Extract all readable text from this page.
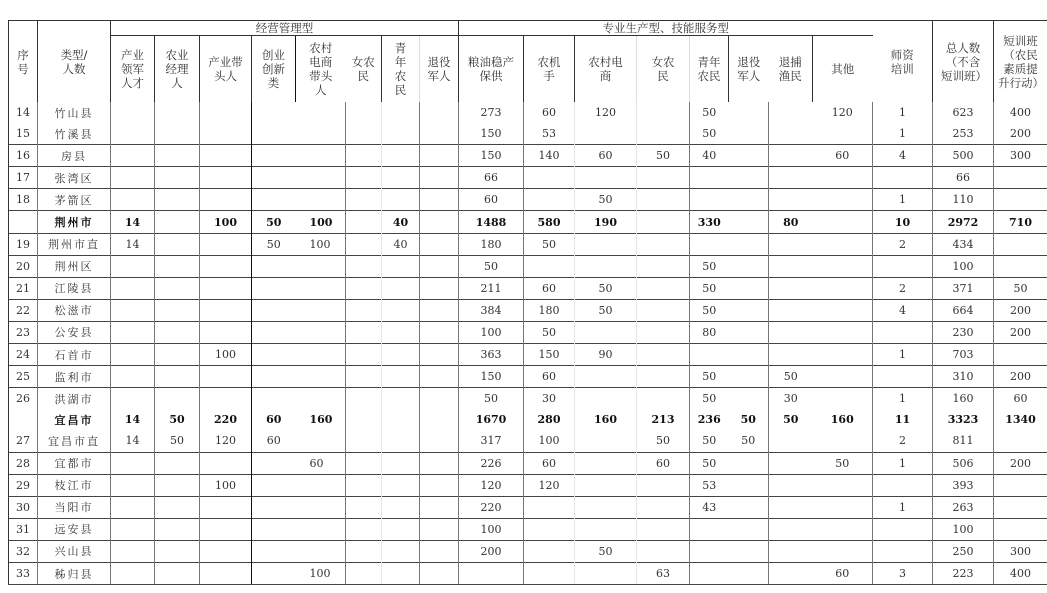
序号	类型/人数	经营管理型								专业生产型、技能服务型								师资培训	总人数（不含短训班）	短训班（农民素质提升行动）
		产业领军人才	农业经理人	产业带头人	创业创新类	农村电商带头人	女农民	青年农民	退役军人	粮油稳产保供	农机手	农村电商	女农民	青年农民	退役军人	退捕渔民	其他			
14	竹山县									273	60	120		50			120	1	623	400
15	竹溪县									150	53			50				1	253	200
16	房县									150	140	60	50	40			60	4	500	300
17	张湾区									66									66	
18	茅箭区									60		50						1	110	
	荆州市	14		100	50	100		40		1488	580	190		330		80		10	2972	710
19	荆州市直	14			50	100		40		180	50							2	434	
20	荆州区									50				50					100	
21	江陵县									211	60	50		50				2	371	50
22	松滋市									384	180	50		50				4	664	200
23	公安县									100	50			80					230	200
24	石首市			100						363	150	90						1	703	
25	监利市									150	60			50		50			310	200
26	洪湖市									50	30			50		30		1	160	60
	宜昌市	14	50	220	60	160				1670	280	160	213	236	50	50	160	11	3323	1340
27	宜昌市直	14	50	120	60					317	100		50	50	50			2	811	
28	宜都市					60				226	60		60	50			50	1	506	200
29	枝江市			100						120	120			53					393	
30	当阳市									220				43				1	263	
31	远安县									100									100	
32	兴山县									200		50							250	300
33	秭归县					100							63				60	3	223	400
